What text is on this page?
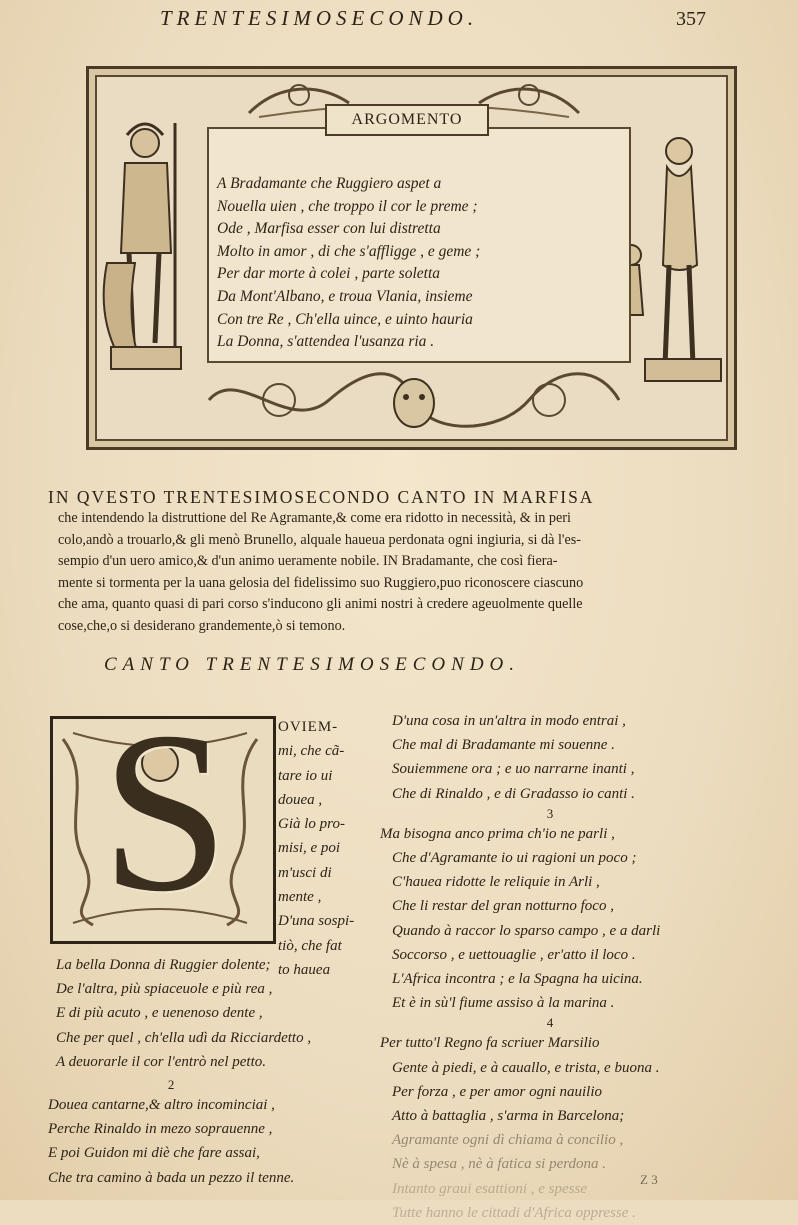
TRENTESIMOSECONDO.	357
ARGOMENTO
A Bradamante che Ruggiero aspet a
Nouella uien , che troppo il cor le preme ;
Ode , Marfisa esser con lui distretta
Molto in amor , di che s'affligge , e geme ;
Per dar morte à colei , parte soletta
Da Mont'Albano, e troua Vlania, insieme
Con tre Re , Ch'ella uince, e uinto hauria
La Donna, s'attendea l'usanza ria .
IN QVESTO TRENTESIMOSECONDO CANTO IN MARFISA
che intendendo la distruttione del Re Agramante,& come era ridotto in necessità, & in peri
colo,andò a trouarlo,& gli menò Brunello, alquale haueua perdonata ogni ingiuria, si dà l'es-
sempio d'un uero amico,& d'un animo ueramente nobile. IN Bradamante, che così fiera-
mente si tormenta per la uana gelosia del fidelissimo suo Ruggiero,puo riconoscere ciascuno
che ama, quanto quasi di pari corso s'inducono gli animi nostri à credere ageuolmente quelle
cose,che,o si desiderano grandemente,ò si temono.
CANTO TRENTESIMOSECONDO.
S	OVIEM-
mi, che cã-
tare io ui
douea ,
Già lo pro-
misi, e poi
m'usci di
mente ,
D'una sospi-
tiò, che fat
to haueа
La bella Donna di Ruggier dolente;
De l'altra, più spiaceuole e più rea ,
E di più acuto , e uenenoso dente ,
Che per quel , ch'ella udì da Ricciardetto ,
A deuorarle il cor l'entrò nel petto.
2
Douea cantarne,& altro incominciai ,
Perche Rinaldo in mezo soprauenne ,
E poi Guidon mi diè che fare assai,
Che tra camino à bada un pezzo il tenne.
D'una cosa in un'altra in modo entrai ,
Che mal di Bradamante mi souenne .
Souiemmene ora ; e uo narrarne inanti ,
Che di Rinaldo , e di Gradasso io canti .
3
Ma bisogna anco prima ch'io ne parli ,
Che d'Agramante io ui ragioni un poco ;
C'hauea ridotte le reliquie in Arli ,
Che li restar del gran notturno foco ,
Quando à raccor lo sparso campo , e a darli
Soccorso , e uettouaglie , er'atto il loco .
L'Africa incontra ; e la Spagna ha uicina.
Et è in sù'l fiume assiso à la marina .
4
Per tutto'l Regno fa scriuer Marsilio
Gente à piedi, e à cauallo, e trista, e buona .
Per forza , e per amor ogni nauilio
Atto à battaglia , s'arma in Barcelona;
Agramante ogni dì chiama à concilio ,
Nè à spesa , nè à fatica si perdona .
Intanto graui esattioni , e spesse
Tutte hanno le cittadi d'Africa oppresse .
Z 3
